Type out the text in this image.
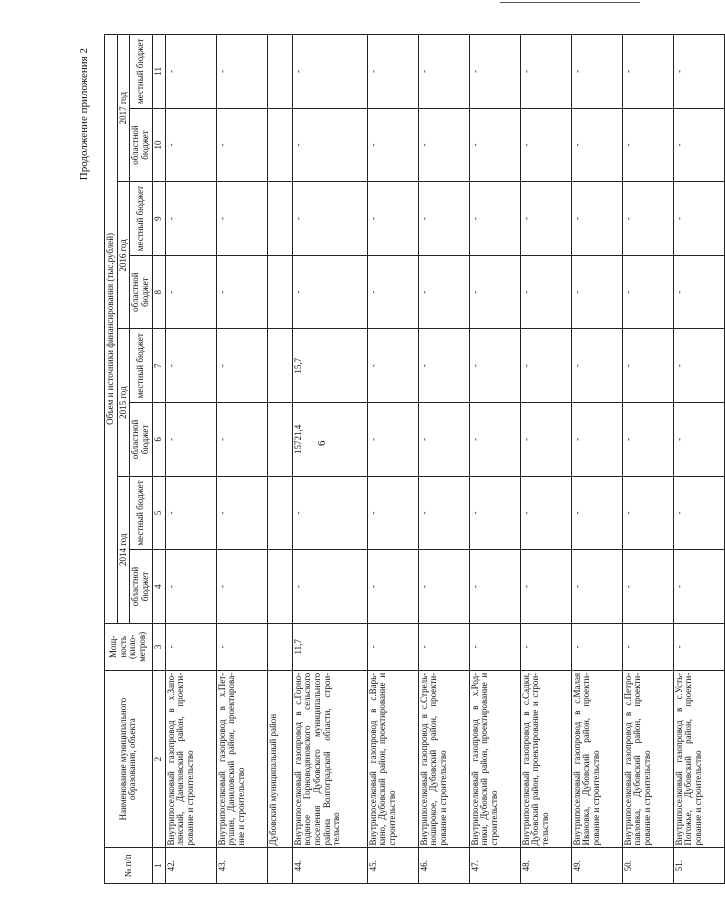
6
Продолжение приложения 2
№ п/п	Наименование муниципального образования, объекта	Мощ- ность (кило- метров)	Объем и источники финансирования (тыс.рублей)							
			2014 год		2015 год		2016 год		2017 год	
			областной бюджет	местный бюджет	областной бюджет	местный бюджет	областной бюджет	местный бюджет	областной бюджет	местный бюджет
1	2	3	4	5	6	7	8	9	10	11
42.	Внутрипоселковый газопровод в х.Запо- лянский, Даниловский район, проекти- рование и строительство	-	-	-	-	-	-	-	-	-
43.	Внутрипоселковый газопровод в х.Пет- рушин, Даниловский район, проектирова- ние и строительство	-	-	-	-	-	-	-	-	-
	Дубовский муниципальный район									
44.	Внутрипоселковый газопровод в с.Горно- водяное Горноводяновского сельского поселения Дубовского муниципального района Волгоградской области, строи- тельство	11,7	-	-	15721,4	15,7	-	-	-	-
45.	Внутрипоселковый газопровод в с.Варь- кино, Дубовский район, проектирование и строительство	-	-	-	-	-	-	-	-	-
46.	Внутрипоселковый газопровод в с.Стрель- ноширокое, Дубовский район, проекти- рование и строительство	-	-	-	-	-	-	-	-	-
47.	Внутрипоселковый газопровод в х.Род- ники, Дубовский район, проектирование и строительство	-	-	-	-	-	-	-	-	-
48.	Внутрипоселковый газопровод в с.Садки, Дубовский район, проектирование и строи- тельство	-	-	-	-	-	-	-	-	-
49.	Внутрипоселковый газопровод в с.Малая Ивановка, Дубовский район, проекти- рование и строительство	-	-	-	-	-	-	-	-	-
50.	Внутрипоселковый газопровод в с.Петро- павловка, Дубовский район, проекти- рование и строительство	-	-	-	-	-	-	-	-	-
51.	Внутрипоселковый газопровод в с.Усть- Погожье, Дубовский район, проекти- рование и строительство	-	-	-	-	-	-	-	-	-
